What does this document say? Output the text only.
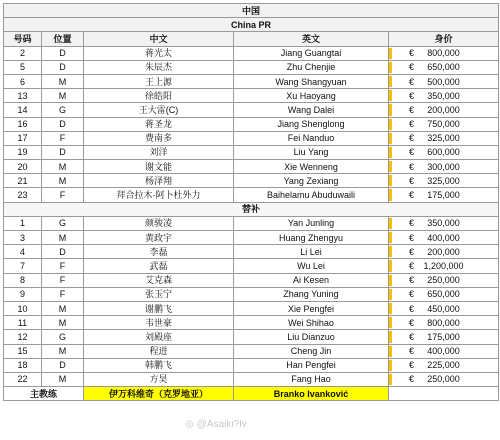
中国				
China PR				
号码	位置	中文	英文	身价
2	D	蒋光太	Jiang Guangtai	€ 800,000
5	D	朱辰杰	Zhu Chenjie	€ 650,000
6	M	王上源	Wang Shangyuan	€ 500,000
13	M	徐皓阳	Xu Haoyang	€ 350,000
14	G	王大雷(C)	Wang Dalei	€ 200,000
16	D	蒋圣龙	Jiang Shenglong	€ 750,000
17	F	费南多	Fei Nanduo	€ 325,000
19	D	刘洋	Liu Yang	€ 600,000
20	M	谢文能	Xie Wenneng	€ 300,000
21	M	杨泽翔	Yang Zexiang	€ 325,000
23	F	拜合拉木·阿卜杜外力	Baihelamu Abuduwaili	€ 175,000
替补				
1	G	颜骏凌	Yan Junling	€ 350,000
3	M	黄政宇	Huang Zhengyu	€ 400,000
4	D	李磊	Li Lei	€ 200,000
7	F	武磊	Wu Lei	€ 1,200,000
8	F	艾克森	Ai Kesen	€ 250,000
9	F	张玉宁	Zhang Yuning	€ 650,000
10	M	谢鹏飞	Xie Pengfei	€ 450,000
11	M	韦世豪	Wei Shihao	€ 800,000
12	G	刘殿座	Liu Dianzuo	€ 175,000
15	M	程进	Cheng Jin	€ 400,000
18	D	韩鹏飞	Han Pengfei	€ 225,000
22	M	方昊	Fang Hao	€ 250,000
主教练		伊万科维奇（克罗地亚）	Branko Ivanković	
◎ @Asaiki?Iv
